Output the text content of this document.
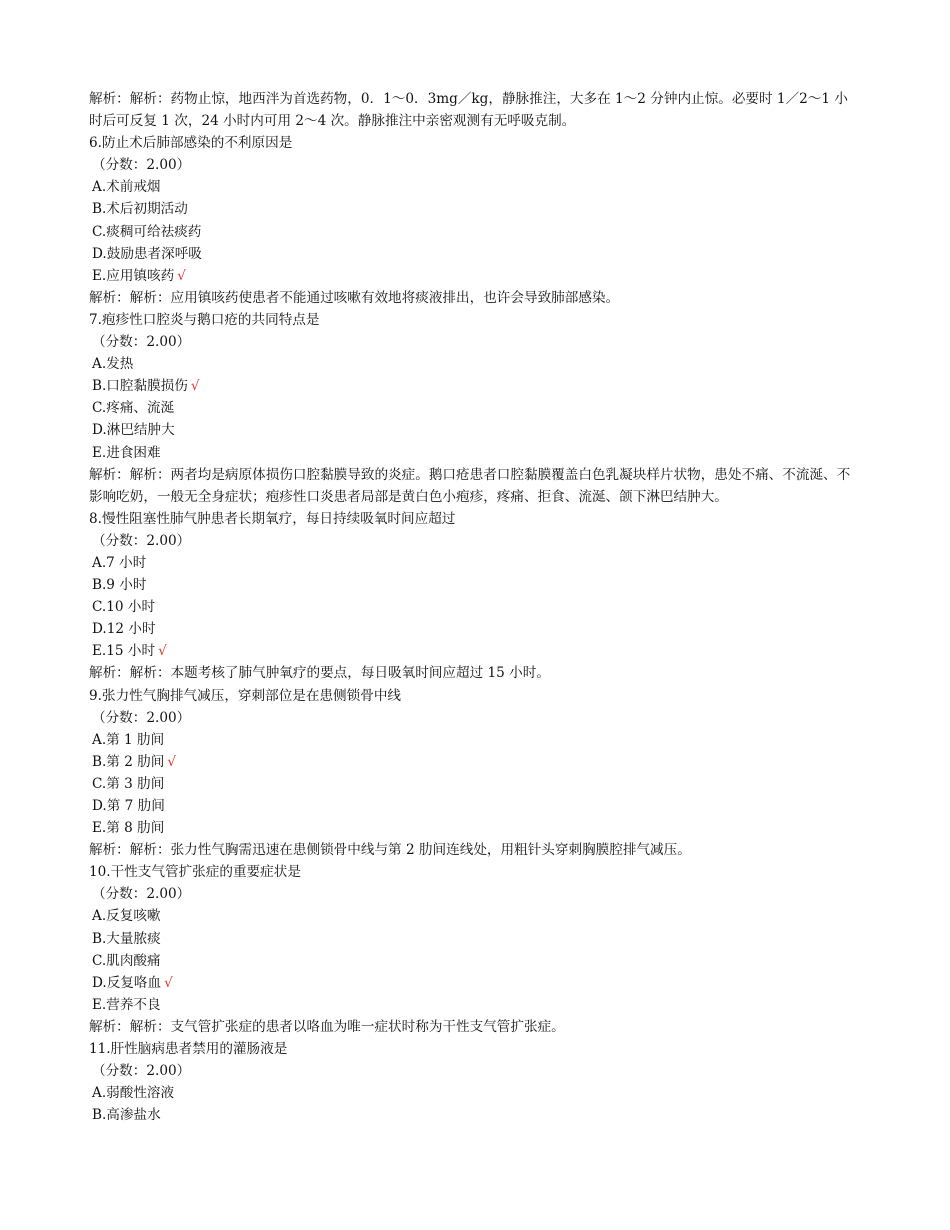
解析：解析：药物止惊，地西泮为首选药物，0．1～0．3mg／kg，静脉推注，大多在 1～2 分钟内止惊。必要时 1／2～1 小时后可反复 1 次，24 小时内可用 2～4 次。静脉推注中亲密观测有无呼吸克制。
6.防止术后肺部感染的不利原因是
（分数：2.00）
A.术前戒烟
B.术后初期活动
C.痰稠可给祛痰药
D.鼓励患者深呼吸
E.应用镇咳药 √
解析：解析：应用镇咳药使患者不能通过咳嗽有效地将痰液排出，也许会导致肺部感染。
7.疱疹性口腔炎与鹅口疮的共同特点是
（分数：2.00）
A.发热
B.口腔黏膜损伤 √
C.疼痛、流涎
D.淋巴结肿大
E.进食困难
解析：解析：两者均是病原体损伤口腔黏膜导致的炎症。鹅口疮患者口腔黏膜覆盖白色乳凝块样片状物，患处不痛、不流涎、不影响吃奶，一般无全身症状；疱疹性口炎患者局部是黄白色小疱疹，疼痛、拒食、流涎、颌下淋巴结肿大。
8.慢性阻塞性肺气肿患者长期氧疗，每日持续吸氧时间应超过
（分数：2.00）
A.7 小时
B.9 小时
C.10 小时
D.12 小时
E.15 小时 √
解析：解析：本题考核了肺气肿氧疗的要点，每日吸氧时间应超过 15 小时。
9.张力性气胸排气减压，穿刺部位是在患侧锁骨中线
（分数：2.00）
A.第 1 肋间
B.第 2 肋间 √
C.第 3 肋间
D.第 7 肋间
E.第 8 肋间
解析：解析：张力性气胸需迅速在患侧锁骨中线与第 2 肋间连线处，用粗针头穿刺胸膜腔排气减压。
10.干性支气管扩张症的重要症状是
（分数：2.00）
A.反复咳嗽
B.大量脓痰
C.肌肉酸痛
D.反复咯血 √
E.营养不良
解析：解析：支气管扩张症的患者以咯血为唯一症状时称为干性支气管扩张症。
11.肝性脑病患者禁用的灌肠液是
（分数：2.00）
A.弱酸性溶液
B.高渗盐水
